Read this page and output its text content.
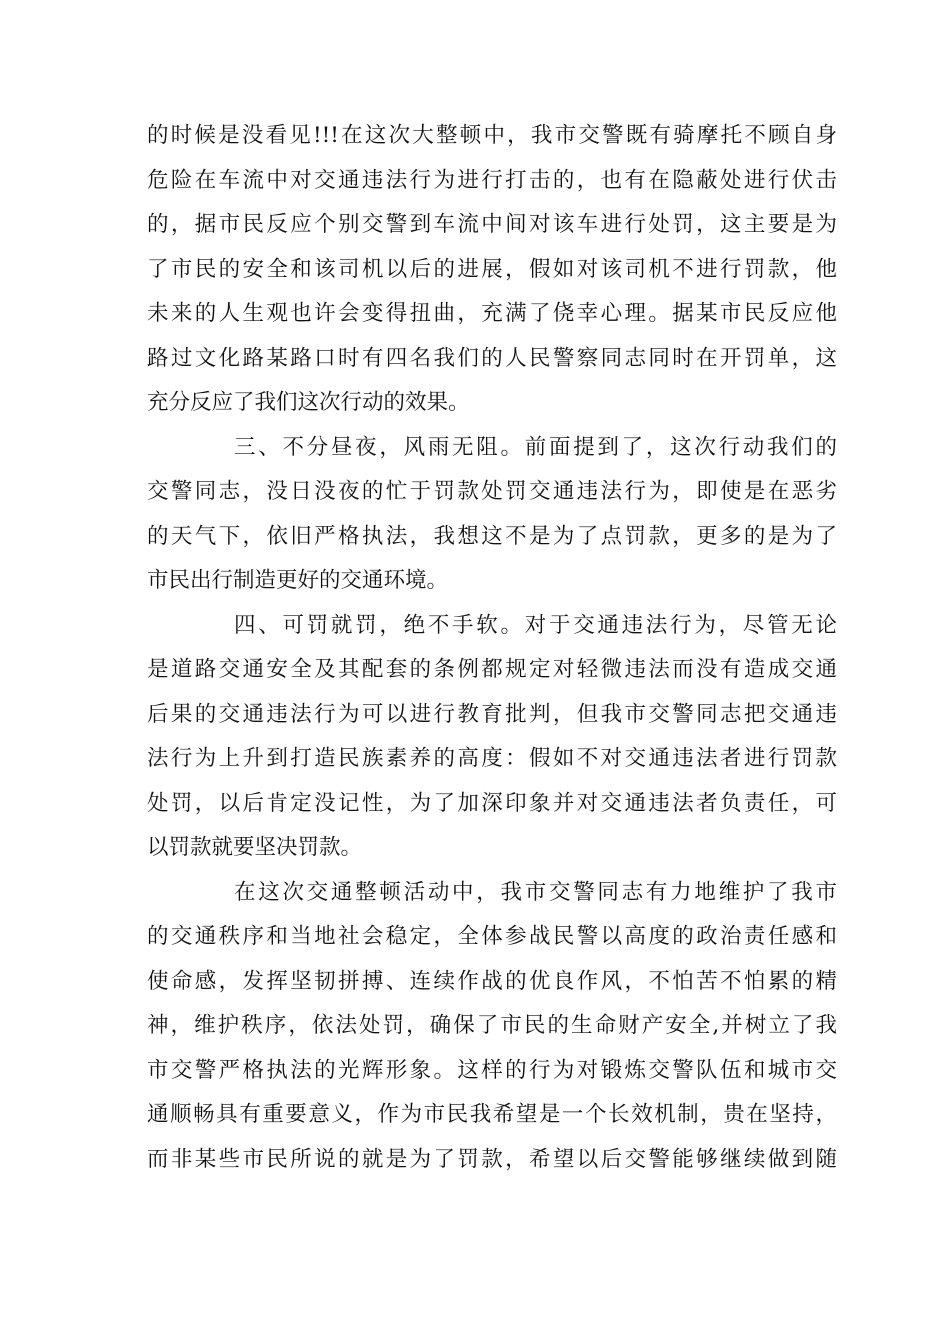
的时候是没看见!!!在这次大整顿中，我市交警既有骑摩托不顾自身
危险在车流中对交通违法行为进行打击的，也有在隐蔽处进行伏击
的，据市民反应个别交警到车流中间对该车进行处罚，这主要是为
了市民的安全和该司机以后的进展，假如对该司机不进行罚款，他
未来的人生观也许会变得扭曲，充满了侥幸心理。据某市民反应他
路过文化路某路口时有四名我们的人民警察同志同时在开罚单，这
充分反应了我们这次行动的效果。
三、不分昼夜，风雨无阻。前面提到了，这次行动我们的
交警同志，没日没夜的忙于罚款处罚交通违法行为，即使是在恶劣
的天气下，依旧严格执法，我想这不是为了点罚款，更多的是为了
市民出行制造更好的交通环境。
四、可罚就罚，绝不手软。对于交通违法行为，尽管无论
是道路交通安全及其配套的条例都规定对轻微违法而没有造成交通
后果的交通违法行为可以进行教育批判，但我市交警同志把交通违
法行为上升到打造民族素养的高度：假如不对交通违法者进行罚款
处罚，以后肯定没记性，为了加深印象并对交通违法者负责任，可
以罚款就要坚决罚款。
在这次交通整顿活动中，我市交警同志有力地维护了我市
的交通秩序和当地社会稳定，全体参战民警以高度的政治责任感和
使命感，发挥坚韧拼搏、连续作战的优良作风，不怕苦不怕累的精
神，维护秩序，依法处罚，确保了市民的生命财产安全,并树立了我
市交警严格执法的光辉形象。这样的行为对锻炼交警队伍和城市交
通顺畅具有重要意义，作为市民我希望是一个长效机制，贵在坚持，
而非某些市民所说的就是为了罚款，希望以后交警能够继续做到随
